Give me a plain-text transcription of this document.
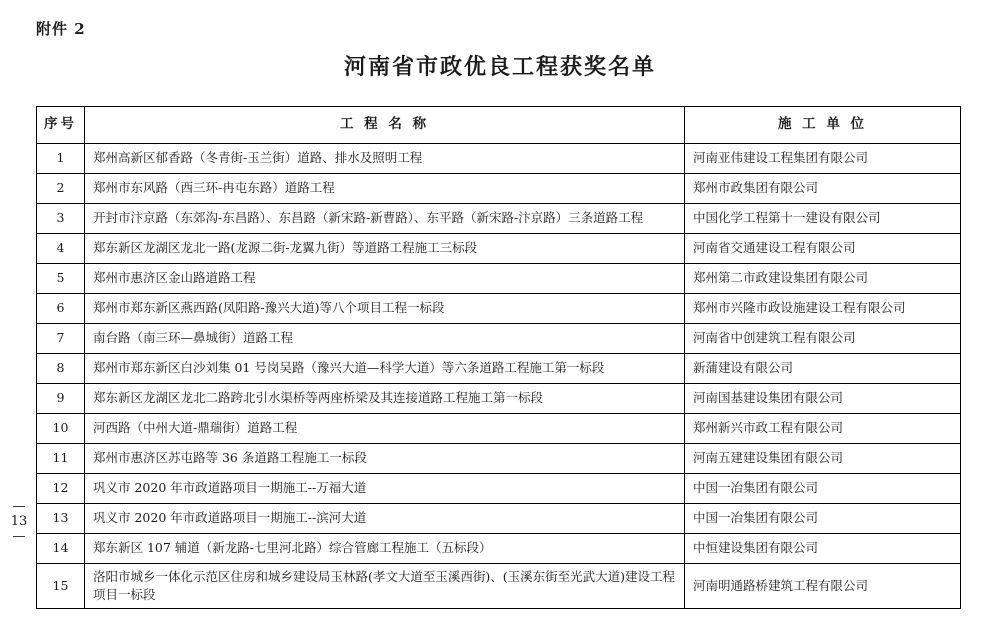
附件 2
河南省市政优良工程获奖名单
—
13
—
序号	工 程 名 称	施 工 单 位
1	郑州高新区郁香路（冬青街-玉兰街）道路、排水及照明工程	河南亚伟建设工程集团有限公司
2	郑州市东风路（西三环-冉屯东路）道路工程	郑州市政集团有限公司
3	开封市汴京路（东郊沟-东昌路）、东昌路（新宋路-新曹路）、东平路（新宋路-汴京路）三条道路工程	中国化学工程第十一建设有限公司
4	郑东新区龙湖区龙北一路(龙源二街-龙翼九街）等道路工程施工三标段	河南省交通建设工程有限公司
5	郑州市惠济区金山路道路工程	郑州第二市政建设集团有限公司
6	郑州市郑东新区燕西路(凤阳路-豫兴大道)等八个项目工程一标段	郑州市兴隆市政设施建设工程有限公司
7	南台路（南三环—鼻城街）道路工程	河南省中创建筑工程有限公司
8	郑州市郑东新区白沙刘集 01 号岗吴路（豫兴大道—科学大道）等六条道路工程施工第一标段	新蒲建设有限公司
9	郑东新区龙湖区龙北二路跨北引水渠桥等两座桥梁及其连接道路工程施工第一标段	河南国基建设集团有限公司
10	河西路（中州大道-鼎瑞街）道路工程	郑州新兴市政工程有限公司
11	郑州市惠济区苏屯路等 36 条道路工程施工一标段	河南五建建设集团有限公司
12	巩义市 2020 年市政道路项目一期施工--万福大道	中国一冶集团有限公司
13	巩义市 2020 年市政道路项目一期施工--滨河大道	中国一冶集团有限公司
14	郑东新区 107 辅道（新龙路-七里河北路）综合管廊工程施工（五标段）	中恒建设集团有限公司
15	洛阳市城乡一体化示范区住房和城乡建设局玉林路(孝文大道至玉溪西街)、(玉溪东街至光武大道)建设工程项目一标段	河南明通路桥建筑工程有限公司
